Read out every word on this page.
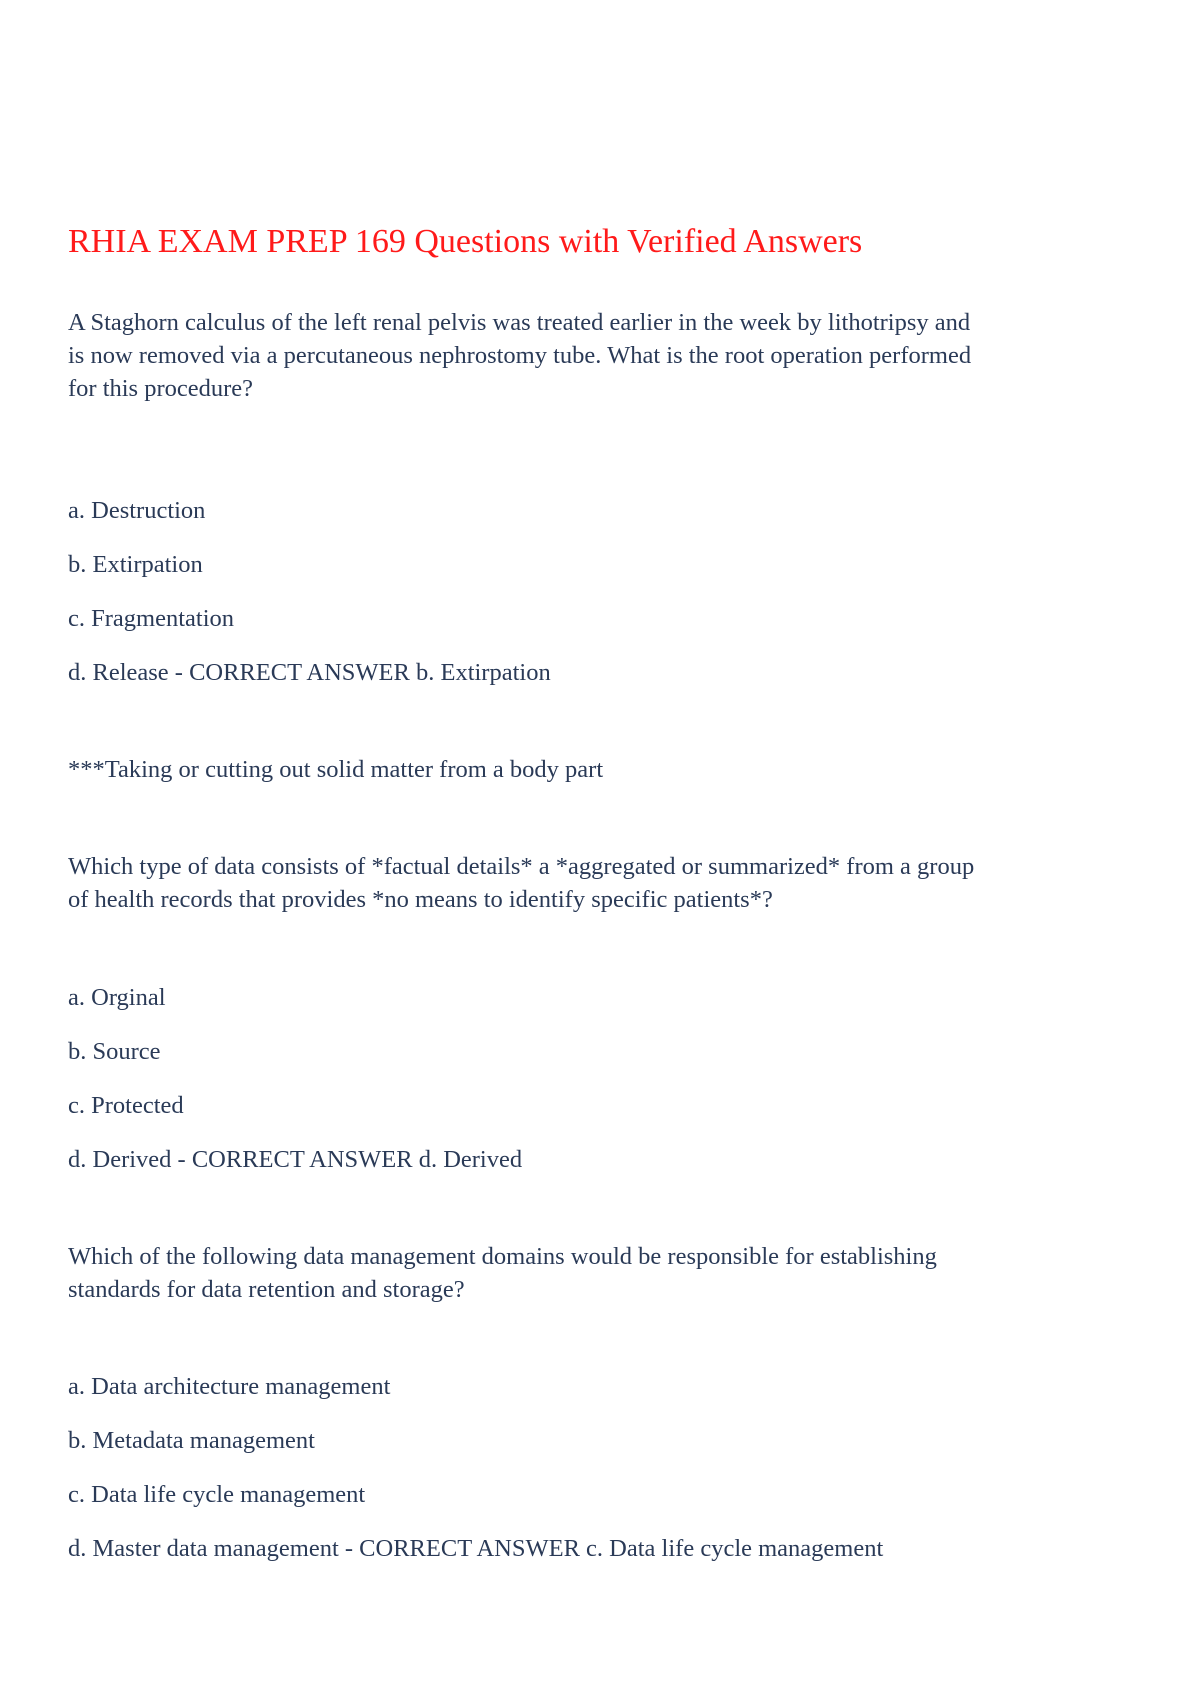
RHIA EXAM PREP 169 Questions with Verified Answers

A Staghorn calculus of the left renal pelvis was treated earlier in the week by lithotripsy and

is now removed via a percutaneous nephrostomy tube. What is the root operation performed

for this procedure?

a. Destruction

b. Extirpation

c. Fragmentation

d. Release - CORRECT ANSWER b. Extirpation

***Taking or cutting out solid matter from a body part

Which type of data consists of *factual details* a *aggregated or summarized* from a group

of health records that provides *no means to identify specific patients*?

a. Orginal

b. Source

c. Protected

d. Derived - CORRECT ANSWER d. Derived

Which of the following data management domains would be responsible for establishing

standards for data retention and storage?

a. Data architecture management

b. Metadata management

c. Data life cycle management

d. Master data management - CORRECT ANSWER c. Data life cycle management
